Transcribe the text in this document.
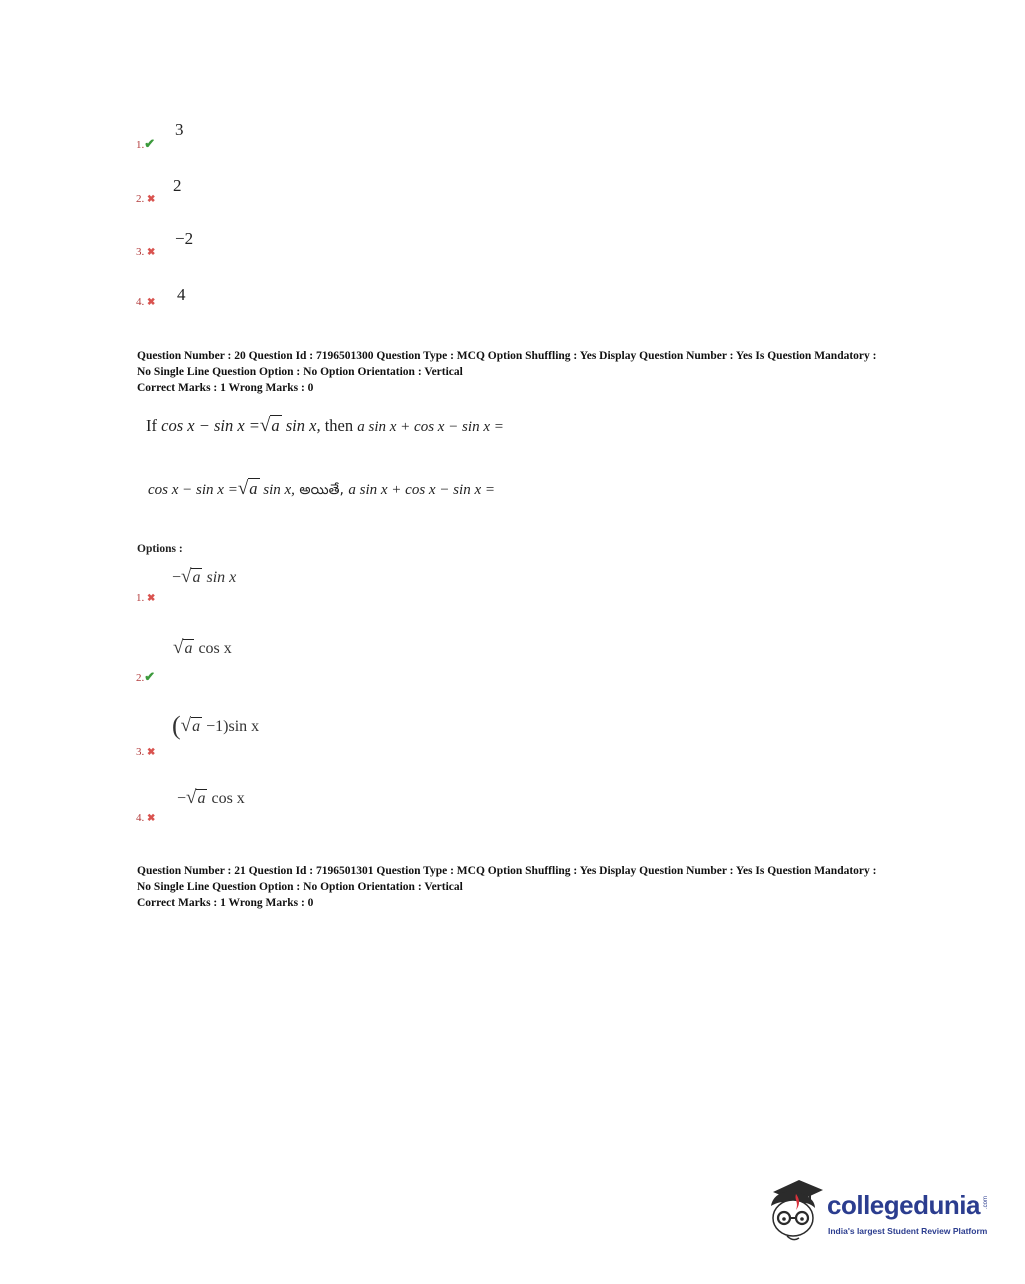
3
1.✔
2
2. ✖
−2
3. ✖
4
4. ✖
Question Number : 20 Question Id : 7196501300 Question Type : MCQ Option Shuffling : Yes Display Question Number : Yes Is Question Mandatory : No Single Line Question Option : No Option Orientation : Vertical
Correct Marks : 1 Wrong Marks : 0
If cos x − sin x =√a sin x, then a sin x + cos x − sin x =
cos x − sin x =√a sin x, అయితే, a sin x + cos x − sin x =
Options :
−√a sin x
1. ✖
√a cos x
2.✔
(√a −1)sin x
3. ✖
−√a cos x
4. ✖
Question Number : 21 Question Id : 7196501301 Question Type : MCQ Option Shuffling : Yes Display Question Number : Yes Is Question Mandatory : No Single Line Question Option : No Option Orientation : Vertical
Correct Marks : 1 Wrong Marks : 0
collegedunia .com
India's largest Student Review Platform
